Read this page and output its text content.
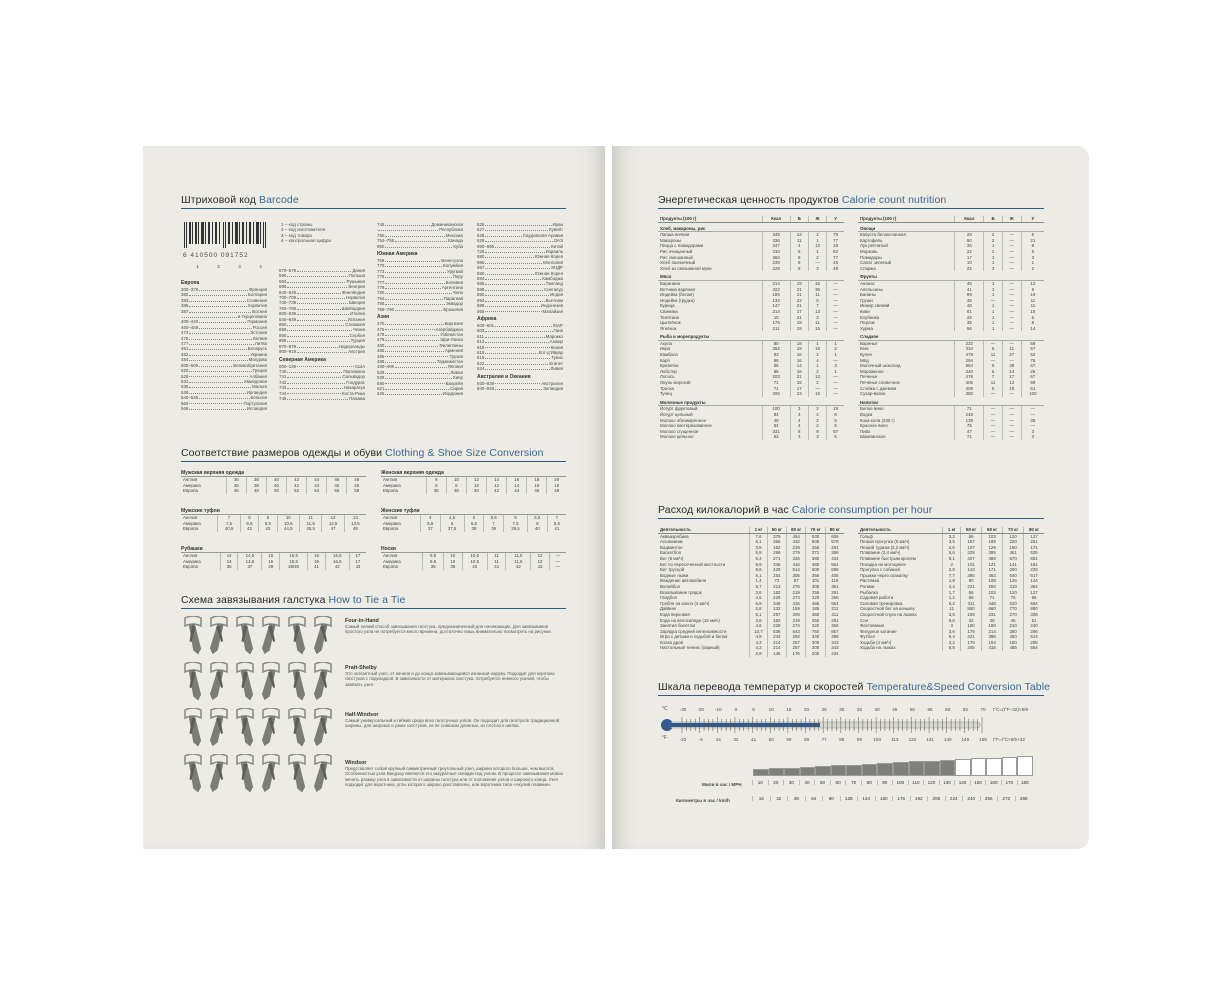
Штриховой код Barcode
6 410500 091752
1	2	3	4
1 – код страны
2 – код изготовителя
3 – код товара
4 – контрольная цифра
Европа
300–379	Франция
380	Болгария
383	Словения
385	Хорватия
387	Босния
и Герцеговина
400–440	Германия
460–469	Россия
474	Эстония
475	Латвия
477	Литва
481	Беларусь
482	Украина
484	Молдова
500–509	Великобритания
520	Греция
528	Албания
531	Македония
535	Мальта
539	Ирландия
540–549	Бельгия
560	Португалия
569	Исландия
570–579	Дания
590	Польша
594	Румыния
599	Венгрия
640–649	Финляндия
700–709	Норвегия
730–739	Швеция
760–769	Швейцария
800–839	Италия
840–849	Испания
850	Словакия
859	Чехия
860	Сербия
869	Турция
870–879	Нидерланды
900–919	Австрия
Северная Америка
000–139	США
740	Гватемала
741	Сальвадор
742	Гондурас
743	Никарагуа
744	Коста-Рика
745	Панама
746	Доминиканская
Республика
750	Мексика
754–755	Канада
850	Куба
Южная Америка
759	Венесуэла
770	Колумбия
773	Уругвай
775	Перу
777	Боливия
779	Аргентина
780	Чили
784	Парагвай
786	Эквадор
789–790	Бразилия
Азия
470	Киргизия
476	Азербайджан
478	Узбекистан
479	Шри-Ланка
480	Филиппины
485	Армения
486	Грузия
488	Таджикистан
490–499	Япония
528	Ливан
529	Кипр
690	Бахрейн
621	Сирия
625	Иордания
626	Иран
627	Кувейт
628	Саудовская Аравия
629	ОАЭ
690–695	Китай
729	Израиль
880	Южная Корея
865	Монголия
867	КНДР
880	Южная Корея
884	Камбоджа
885	Таиланд
888	Сингапур
890	Индия
893	Вьетнам
899	Индонезия
955	Малайзия
Африка
600–601	ЮАР
603	Гана
611	Марокко
613	Алжир
616	Кения
618	Кот-д'Ивуар
619	Тунис
622	Египет
624	Ливия
Австралия и Океания
930–939	Австралия
940–949	Зеландия
Соответствие размеров одежды и обуви Clothing & Shoe Size Conversion
Мужская верхняя одежда
Англия	36	38	40	42	44	46	48
Америка	36	38	40	42	44	46	48
Европа	46	48	50	52	54	56	58
Женская верхняя одежда
Англия	8	10	12	14	16	18	20
Америка	6	8	10	12	14	16	18
Европа	36	38	40	42	44	46	48
Мужские туфли
Англия	7	8	9	10	11	12	13
Америка	7,5	8,5	9,5	10,5	11,5	12,5	13,5
Европа	40,5	42	43	44,5	45,5	47	48
Женские туфли
Англия	4	4,5	5	5,5	6	6,5	7
Америка	5,5	6	6,5	7	7,5	8	8,5
Европа	37	37,5	38	39	39,5	40	41
Рубашки
Англия	14	14,5	15	15,5	16	16,5	17
Америка	14	14,5	15	15,5	16	16,5	17
Европа	36	37	38	39/40	41	42	43
Носки
Англия	9,5	10	10,5	11	11,5	12	—
Америка	9,5	10	10,5	11	11,5	12	—
Европа	38	39	40	41	42	43	—
Схема завязывания галстука How to Tie a Tie
Four-in-Hand
Самый легкий способ завязывания галстука, предназначенный для начинающих. Для завязывания простого узла не потребуется много времени, достаточно лишь внимательно посмотреть на рисунки.
Pratt-Shelby
Это элегантный узел, от начала и до конца завязывающийся изнанкой наружу. Подходит для коротких галстуков с подкладкой. В зависимости от материала галстука, потребуется немного усилий, чтобы завязать узел.
Half-Windsor
Самый универсальный и гибкий среди всех галстучных узлов. Он подходит для галстуков традиционной ширины, для широких и узких галстуков, из не слишком длинных, из плотного шёлка.
Windsor
Представляет собой крупный симметричный треугольный узел, ширина которого больше, чем высота. Особенностью узла Виндзор являются его аккуратные складки под узлом. В процессе завязывания можно менять размер узла в зависимости от ширины галстука или от положения узлов и широкого конца. Узел подходит для воротника, углы которого широко расставлены, или воротника типа «Акулий плавник».
Энергетическая ценность продуктов Calorie count nutrition
Продукты (100 г)	Ккал	Б	Ж	У
Хлеб, макароны, рис				
Лапша яичная	348	13	2	79
Макароны	336	11	1	77
Пицца с помидорами	247	4	13	28
Рис очищенный	310	6	1	82
Рис смешанный	360	8	2	77
Хлеб пшеничный	239	9	—	45
Хлеб из смешанной муки	229	9	3	48
Мясо				
Баранина	214	19	15	—
Ветчина варёная	422	21	36	—
Индейка (белая)	186	21	11	—
Индейка (грудка)	134	22	5	—
Курица	147	21	7	—
Свинина	214	17	13	—
Телятина	10	21	3	—
Цыплёнок	175	19	11	—
Ягнёнок	211	19	15	—
Рыба и морепродукты				
Акула	80	16	1	1
Икра	252	19	19	2
Камбала	83	16	2	1
Карп	96	16	4	—
Креветки	86	14	1	3
Лобстер	86	16	2	1
Лосось	203	21	13	—
Окунь морской	71	15	2	—
Треска	71	17	—	—
Тунец	206	23	16	—
Молочные продукты				
Йогурт фруктовый	100	3	2	19
Йогурт цельный	84	4	4	6
Молоко обезжиренное	49	4	2	5
Молоко пастеризованное	64	4	2	5
Молоко сгущенное	331	8	9	57
Молоко цельное	63	3	3	5
Продукты (100 г)	Ккал	Б	Ж	У
Овощи				
Капуста белокочанная	28	2	—	5
Картофель	90	2	—	21
Лук репчатый	35	1	—	8
Морковь	22	2	—	5
Помидоры	17	1	—	3
Салат зеленый	10	1	—	1
Спаржа	22	3	—	2
Фрукты				
Ананас	46	1	—	12
Апельсины	41	1	—	9
Бананы	89	1	—	19
Груши	45	—	—	11
Инжир свежий	48	1	—	11
Киви	61	1	—	15
Клубника	29	1	—	6
Персик	35	1	—	8
Хурма	56	1	—	14
Сладкое				
Варенье	222	—	—	59
Кекс	334	6	11	57
Кулич	479	11	27	52
Мёд	294	—	—	76
Молочный шоколад	564	9	38	57
Мороженое	240	5	14	26
Печенье	478	7	17	67
Печенье сливочное	406	11	12	59
Слойка с джемом	408	5	18	61
Сухар-вапок	350	—	—	100
Напитки				
Белое вино	71	—	—	—
Водка	248	—	—	—
Кока-кола (330 г)	139	—	—	35
Красное вино	75	—	—	—
Пиво	47	—	—	3
Шампанское	71	—	—	3
Расход килокалорий в час Calorie consumption per hour
Деятельность	1 кг	50 кг	60 кг	70 кг	80 кг
Аквааэробика	7,6	379	454	530	606
Альпинизм	8,1	366	432	505	578
Бадминтон	3,6	182	219	255	291
Баскетбол	5,9	296	279	371	356
Бег (8 км/ч)	5,4	271	326	380	434
Бег по пересеченной местности	6,9	346	416	485	554
Бег трусцой	8,6	429	514	600	686
Водные лыжи	5,1	254	305	355	406
Вождение автомобиля	1,4	72	87	101	115
Волейбол	5,7	213	276	308	351
Вскапывание грядок	3,6	182	219	255	291
Гандбол	4,6	229	274	320	366
Гребля на каноэ (4 км/ч)	6,9	346	416	485	554
Дайвинг	2,6	132	159	185	211
Езда верховая	5,1	257	309	360	411
Езда на велосипеде (15 км/ч)	3,6	182	219	255	291
Занятия балетом	4,6	229	274	320	366
Зарядка средней интенсивности	10,7	536	643	750	857
Игра с детьми и ходьбой и бегом	4,9	243	292	340	389
Колка дров	4,3	214	257	300	343
Настольный теннис (парный)	4,3	214	257	300	343
	2,9	146	176	205	234
Деятельность	1 кг	50 кг	60 кг	70 кг	80 кг
Гольф	3,2	86	103	120	137
Пешая прогулка (5 км/ч)	3,5	157	189	220	251
Пеший туризм (3,2 км/ч)	2,6	107	129	150	171
Плавание (2,4 км/ч)	6,6	329	395	461	526
Плавание быстрым кролем	8,1	407	488	570	651
Поездка на мотоцикле	2	101	121	141	161
Прогулка с собакой	2,9	143	171	200	229
Прыжки через скакалку	7,7	386	463	540	617
Растяжка	1,8	90	108	126	144
Ролики	4,4	221	266	310	354
Рыбалка	1,7	86	103	120	137
Садовая работа	1,2	86	71	75	85
Силовая тренировка	6,2	311	448	520	594
Скоростной бег на коньках	11	550	660	770	880
Скоростной спуск на лыжах	3,9	193	231	270	308
Сон	0,6	32	38	45	51
Фехтование	3	150	180	210	240
Фигурное катание	3,6	179	214	250	286
Футбол	6,4	321	386	450	514
Ходьба (4 км/ч)	3,2	179	154	180	205
Ходьба на лыжах	6,9	346	416	485	554
Шкала перевода температур и скоростей Temperature&Speed Conversion Table
°C
°F
-30	-20	-10	0	5	10	15	20	25	30	35	40	45	50	55	60	65	70
-22	-4	14	32	41	50	59	68	77	86	95	104	113	122	131	140	149	158
t°C=(t°F−32)×5/9
t°F=t°C×9/5+32
Мили в час / MPH	10	20	30	40	50	60	70	80	90	100	110	120	130	140	150	160	170	180
Километры в час / km/h	16	32	48	64	80	128	144	160	176	192	208	224	240	256	272	288
